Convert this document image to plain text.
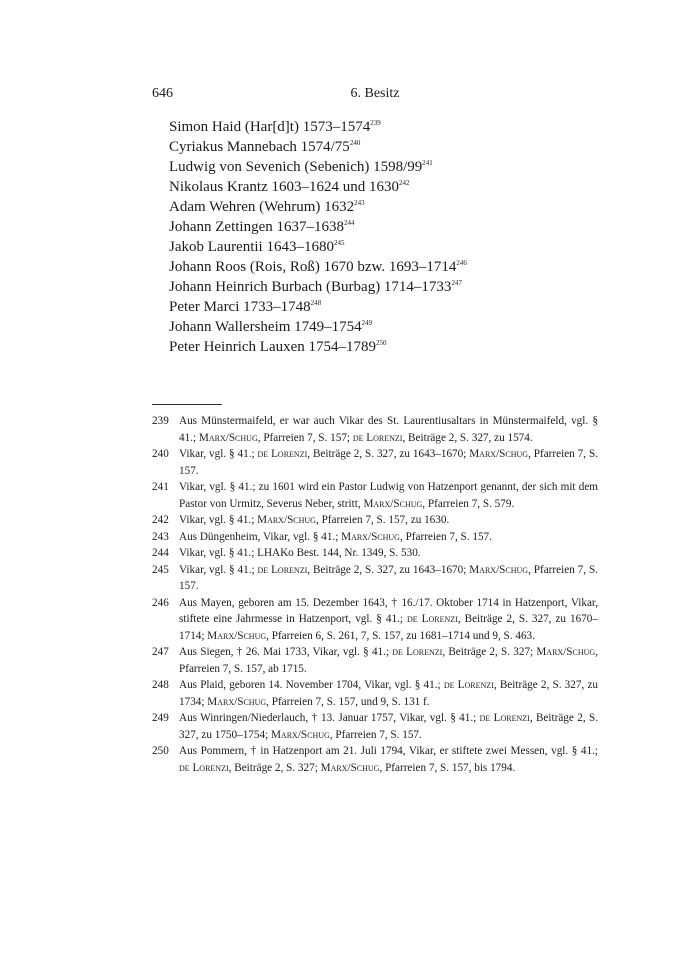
646	6. Besitz
Simon Haid (Har[d]t) 1573–1574$^{239}$
Cyriakus Mannebach $1574/75^{240}$
Ludwig von Sevenich (Sebenich) $1598/99^{241}$
Nikolaus Krantz 1603–1624 und 1630$^{242}$
Adam Wehren (Wehrum) 1632$^{243}$
Johann Zettingen 1637–1638$^{244}$
Jakob Laurentii 1643–1680$^{245}$
Johann Roos (Rois, Roß) 1670 bzw. 1693–1714$^{246}$
Johann Heinrich Burbach (Burbag) 1714–1733$^{247}$
Peter Marci 1733–1748$^{248}$
Johann Wallersheim 1749–1754$^{249}$
Peter Heinrich Lauxen 1754–1789$^{250}$
239 Aus Münstermaifeld, er war auch Vikar des St. Laurentiusaltars in Münstermaifeld, vgl. § 41.; Marx/Schug, Pfarreien 7, S. 157; de Lorenzi, Beiträge 2, S. 327, zu 1574.
240 Vikar, vgl. § 41.; de Lorenzi, Beiträge 2, S. 327, zu 1643–1670; Marx/Schug, Pfarreien 7, S. 157.
241 Vikar, vgl. § 41.; zu 1601 wird ein Pastor Ludwig von Hatzenport genannt, der sich mit dem Pastor von Urmitz, Severus Neber, stritt, Marx/Schug, Pfarreien 7, S. 579.
242 Vikar, vgl. § 41.; Marx/Schug, Pfarreien 7, S. 157, zu 1630.
243 Aus Düngenheim, Vikar, vgl. § 41.; Marx/Schug, Pfarreien 7, S. 157.
244 Vikar, vgl. § 41.; LHAKo Best. 144, Nr. 1349, S. 530.
245 Vikar, vgl. § 41.; de Lorenzi, Beiträge 2, S. 327, zu 1643–1670; Marx/Schug, Pfarreien 7, S. 157.
246 Aus Mayen, geboren am 15. Dezember 1643, † 16./17. Oktober 1714 in Hatzenport, Vikar, stiftete eine Jahrmesse in Hatzenport, vgl. § 41.; de Lorenzi, Beiträge 2, S. 327, zu 1670–1714; Marx/Schug, Pfarreien 6, S. 261, 7, S. 157, zu 1681–1714 und 9, S. 463.
247 Aus Siegen, † 26. Mai 1733, Vikar, vgl. § 41.; de Lorenzi, Beiträge 2, S. 327; Marx/Schug, Pfarreien 7, S. 157, ab 1715.
248 Aus Plaid, geboren 14. November 1704, Vikar, vgl. § 41.; de Lorenzi, Beiträge 2, S. 327, zu 1734; Marx/Schug, Pfarreien 7, S. 157, und 9, S. 131 f.
249 Aus Winringen/Niederlauch, † 13. Januar 1757, Vikar, vgl. § 41.; de Lorenzi, Beiträge 2, S. 327, zu 1750–1754; Marx/Schug, Pfarreien 7, S. 157.
250 Aus Pommern, † in Hatzenport am 21. Juli 1794, Vikar, er stiftete zwei Messen, vgl. § 41.; de Lorenzi, Beiträge 2, S. 327; Marx/Schug, Pfarreien 7, S. 157, bis 1794.
